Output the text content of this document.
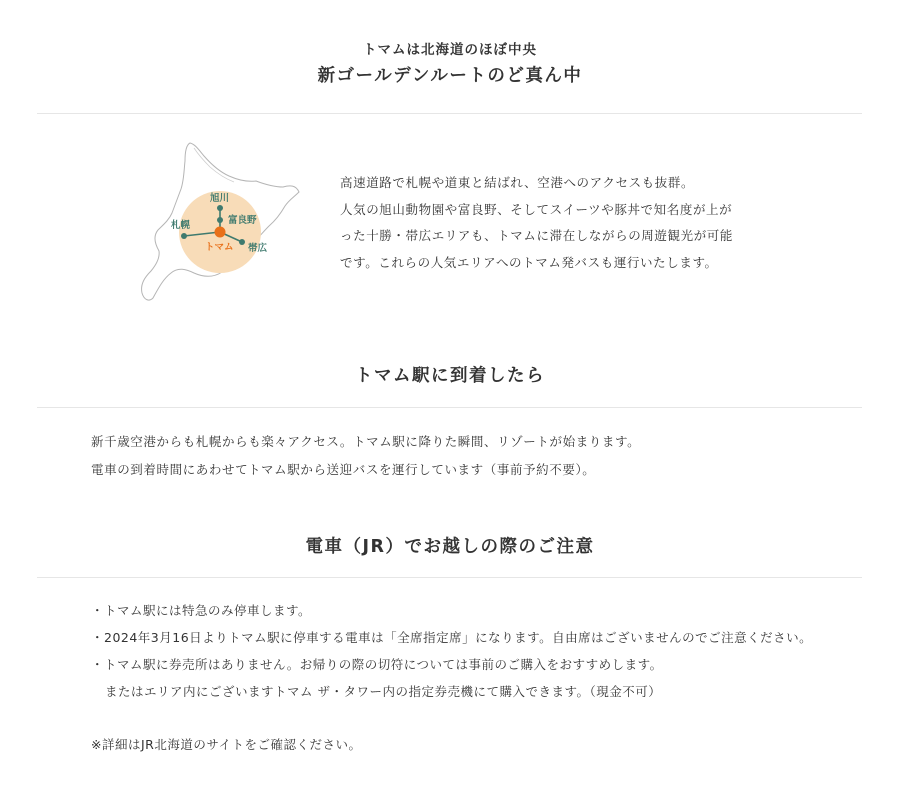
トマムは北海道のほぼ中央
新ゴールデンルートのど真ん中
旭川
富良野
札幌
トマム 帯広

高速道路で札幌や道東と結ばれ、空港へのアクセスも抜群。

人気の旭山動物園や富良野、そしてスイーツや豚丼で知名度が上が

った十勝・帯広エリアも、トマムに滞在しながらの周遊観光が可能

です。これらの人気エリアへのトマム発バスも運行いたします。

トマム駅に到着したら

新千歳空港からも札幌からも楽々アクセス。トマム駅に降りた瞬間、リゾートが始まります。

電車の到着時間にあわせてトマム駅から送迎バスを運行しています（事前予約不要）。

電車（JR）でお越しの際のご注意
・トマム駅には特急のみ停車します。
・2024年3月16日よりトマム駅に停車する電車は「全席指定席」になります。自由席はございませんのでご注意ください。
・トマム駅に券売所はありません。お帰りの際の切符については事前のご購入をおすすめします。
またはエリア内にございますトマム ザ・タワー内の指定券売機にて購入できます。（現金不可）

※詳細はJR北海道のサイトをご確認ください。
